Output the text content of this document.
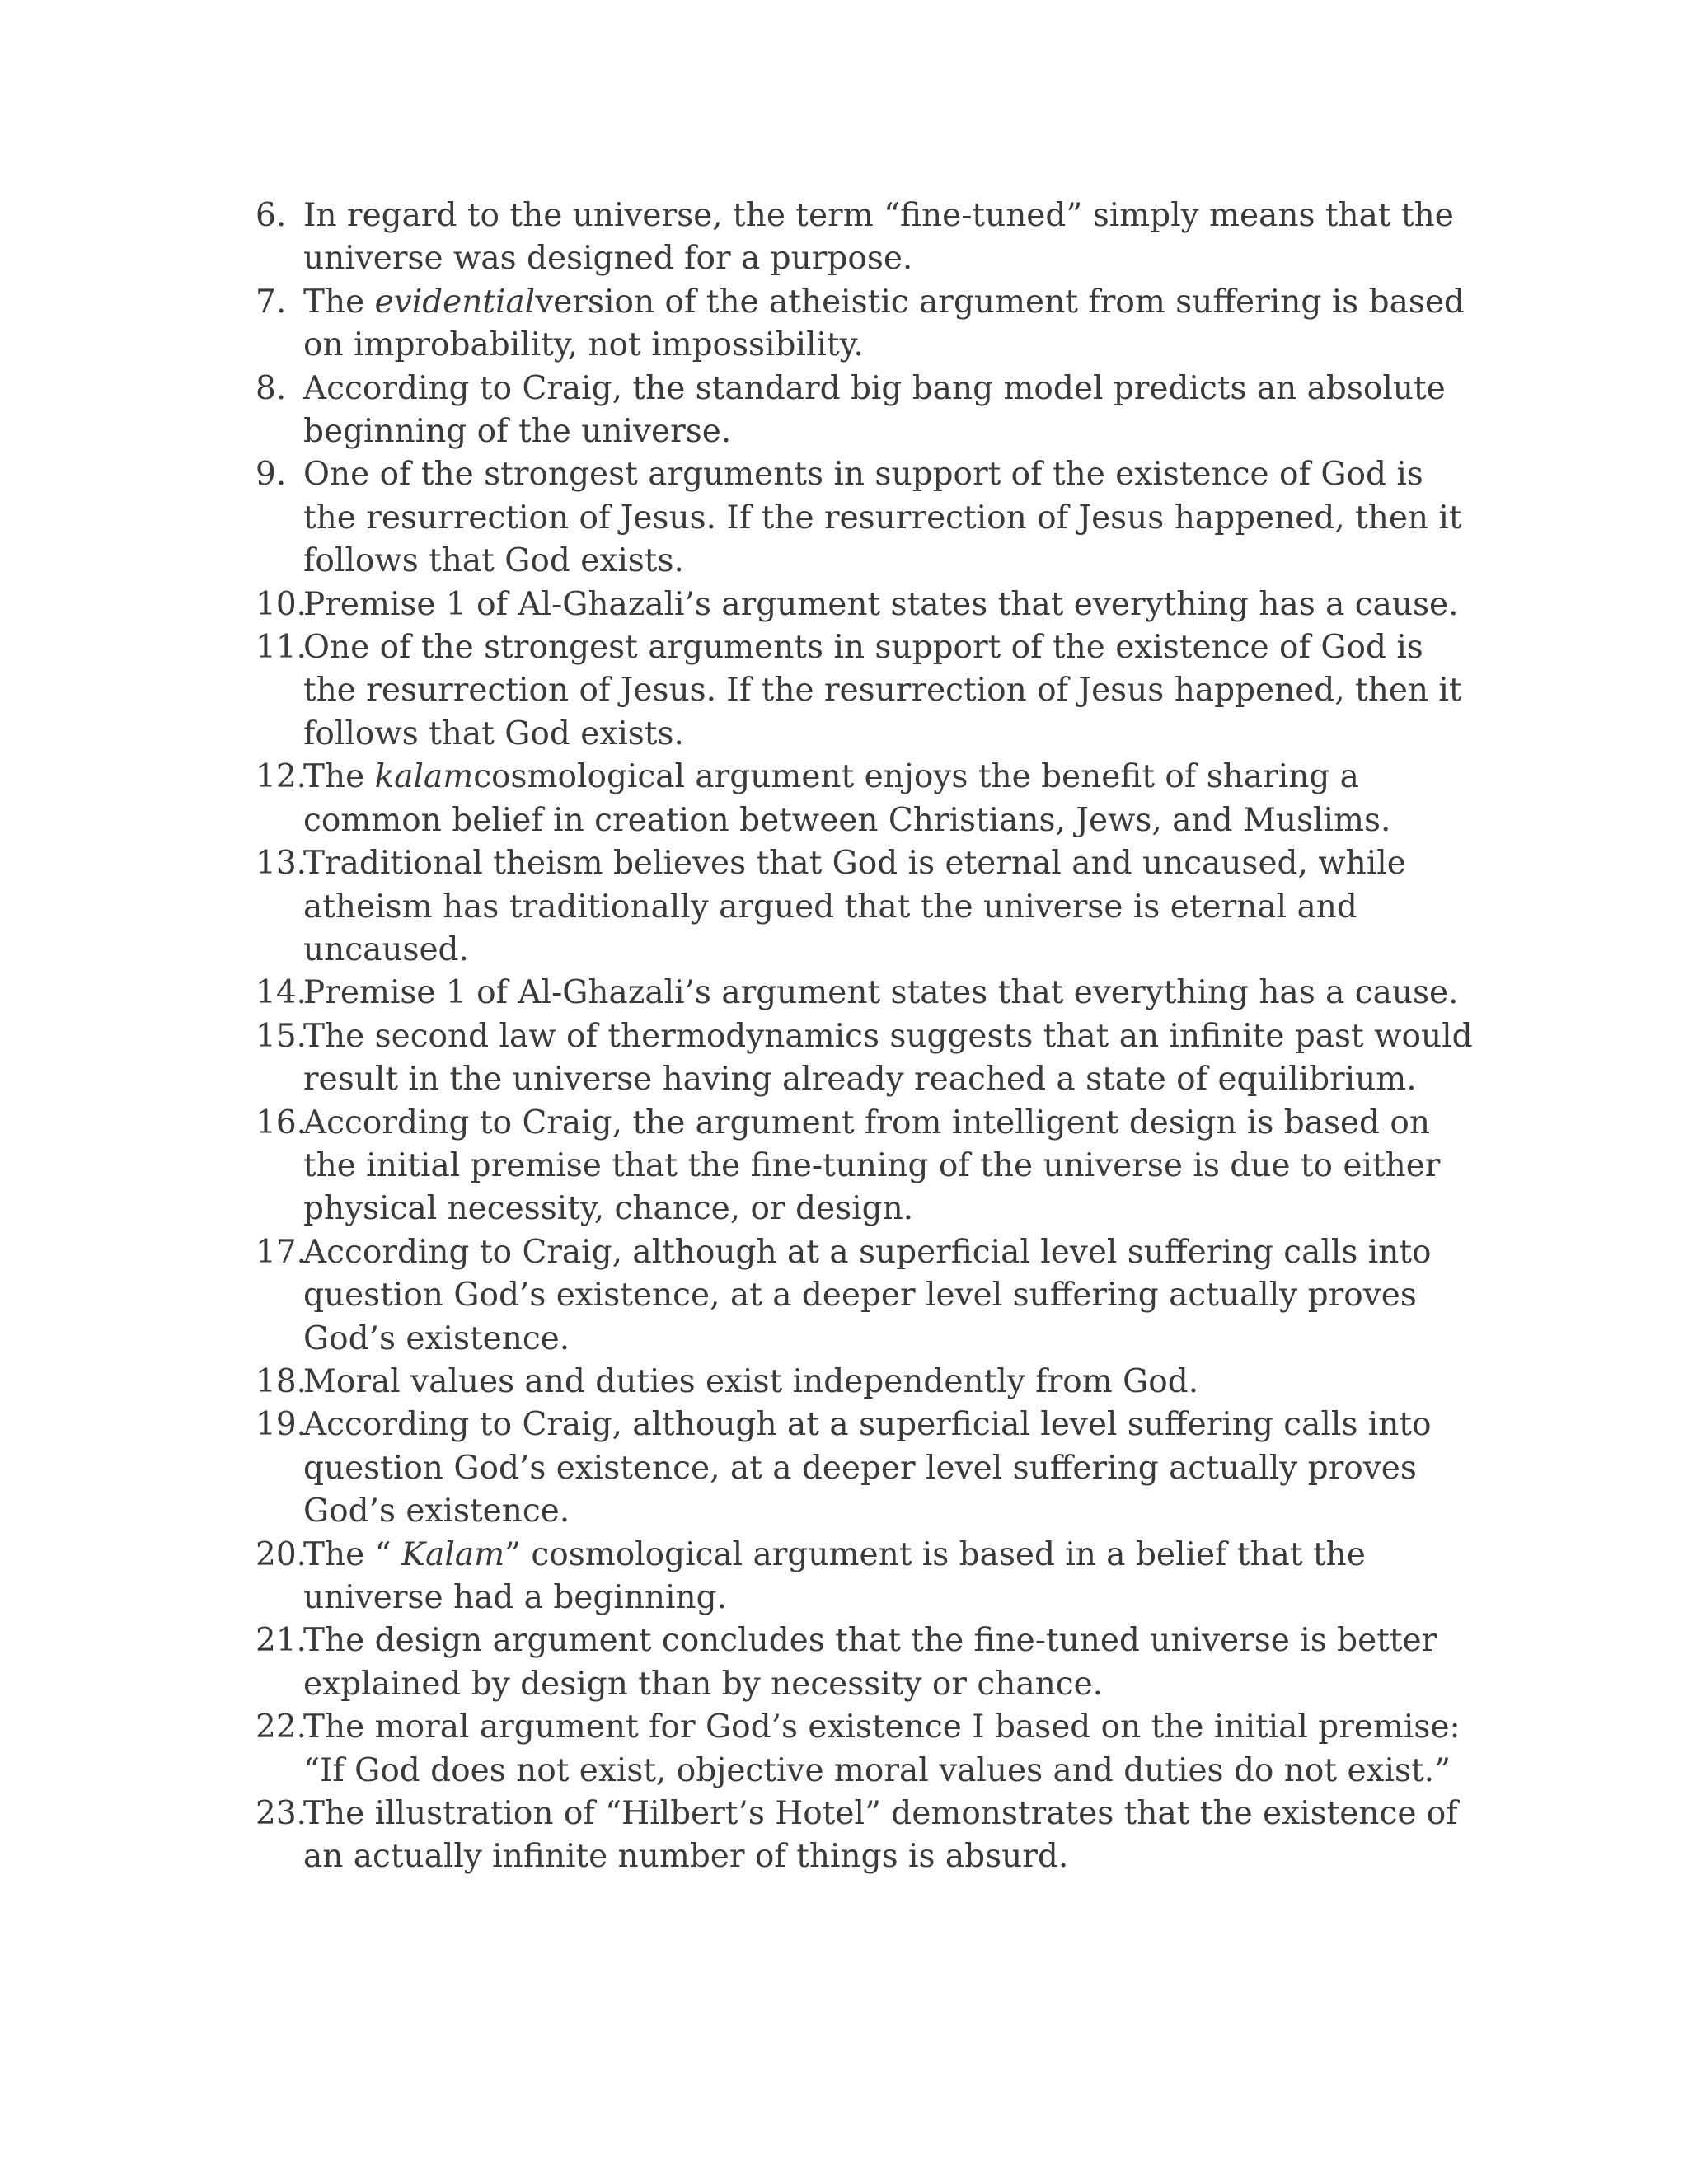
6. In regard to the universe, the term “fine-tuned” simply means that the universe was designed for a purpose.
7. The evidentialversion of the atheistic argument from suffering is based on improbability, not impossibility.
8. According to Craig, the standard big bang model predicts an absolute beginning of the universe.
9. One of the strongest arguments in support of the existence of God is the resurrection of Jesus. If the resurrection of Jesus happened, then it follows that God exists.
10.
Premise 1 of Al-Ghazali’s argument states that everything has a cause.
11.
One of the strongest arguments in support of the existence of God is the resurrection of Jesus. If the resurrection of Jesus happened, then it follows that God exists.
12.
The kalamcosmological argument enjoys the benefit of sharing a common belief in creation between Christians, Jews, and Muslims.
13.
Traditional theism believes that God is eternal and uncaused, while atheism has traditionally argued that the universe is eternal and uncaused.
14.
Premise 1 of Al-Ghazali’s argument states that everything has a cause.
15.
The second law of thermodynamics suggests that an infinite past would result in the universe having already reached a state of equilibrium.
16.
According to Craig, the argument from intelligent design is based on the initial premise that the fine-tuning of the universe is due to either physical necessity, chance, or design.
17.
According to Craig, although at a superficial level suffering calls into question God’s existence, at a deeper level suffering actually proves God’s existence.
18.
Moral values and duties exist independently from God.
19.
According to Craig, although at a superficial level suffering calls into question God’s existence, at a deeper level suffering actually proves God’s existence.
20.
The “ Kalam” cosmological argument is based in a belief that the universe had a beginning.
21.
The design argument concludes that the fine-tuned universe is better explained by design than by necessity or chance.
22.
The moral argument for God’s existence I based on the initial premise: “If God does not exist, objective moral values and duties do not exist.”
23.
The illustration of “Hilbert’s Hotel” demonstrates that the existence of an actually infinite number of things is absurd.
